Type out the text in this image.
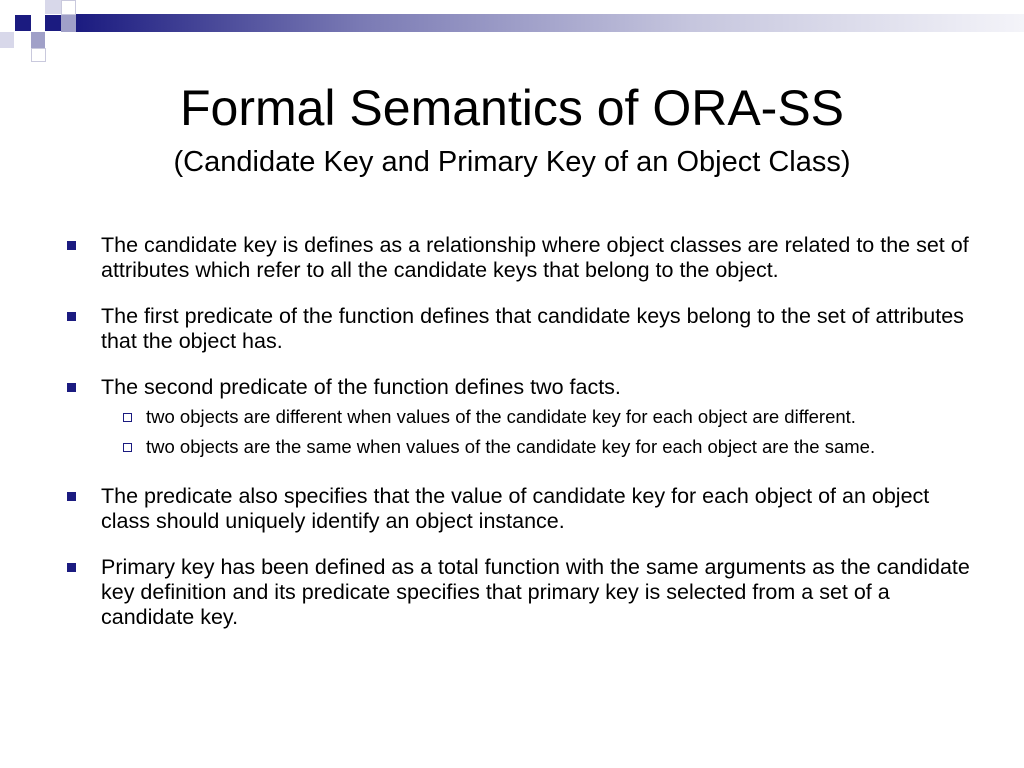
Formal Semantics of ORA-SS
(Candidate Key and Primary Key of an Object Class)
The candidate key is defines as a relationship where object classes are related to the set of attributes which refer to all the candidate keys that belong to the object.
The first predicate of the function defines that candidate keys belong to the set of attributes that the object has.
The second predicate of the function defines two facts.
two objects are different when values of the candidate key for each object are different.
two objects are the same when values of the candidate key for each object are the same.
The predicate also specifies that the value of candidate key for each object of an object class should uniquely identify an object instance.
Primary key has been defined as a total function with the same arguments as the candidate key definition and its predicate specifies that primary key is selected from a set of a candidate key.
